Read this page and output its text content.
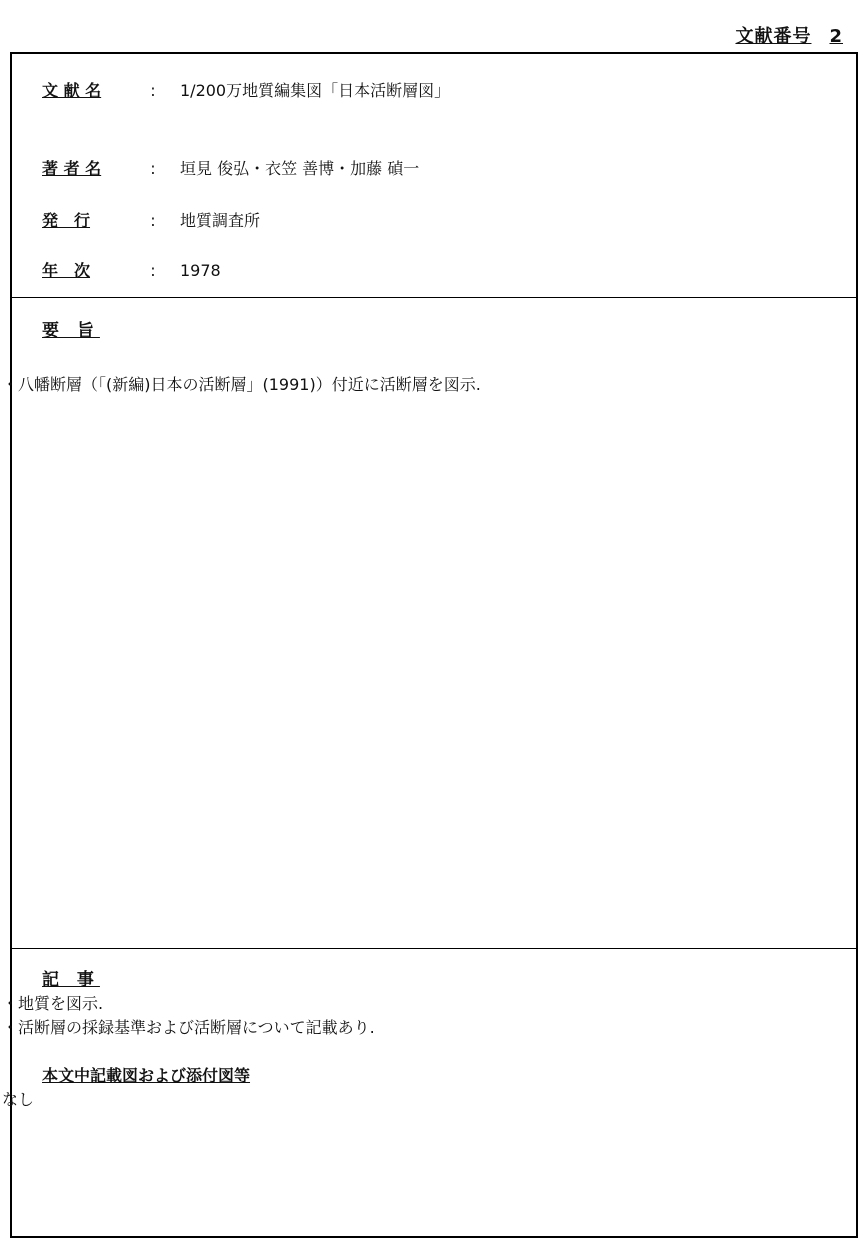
文献番号 2
文 献 名	:	1/200万地質編集図「日本活断層図」
著 者 名	:	垣見 俊弘・衣笠 善博・加藤 碵一
発　行	:	地質調査所
年　次	:	1978
要 旨
・八幡断層（「(新編)日本の活断層」(1991)）付近に活断層を図示.
記 事
・地質を図示.
・活断層の採録基準および活断層について記載あり.
本文中記載図および添付図等
なし
